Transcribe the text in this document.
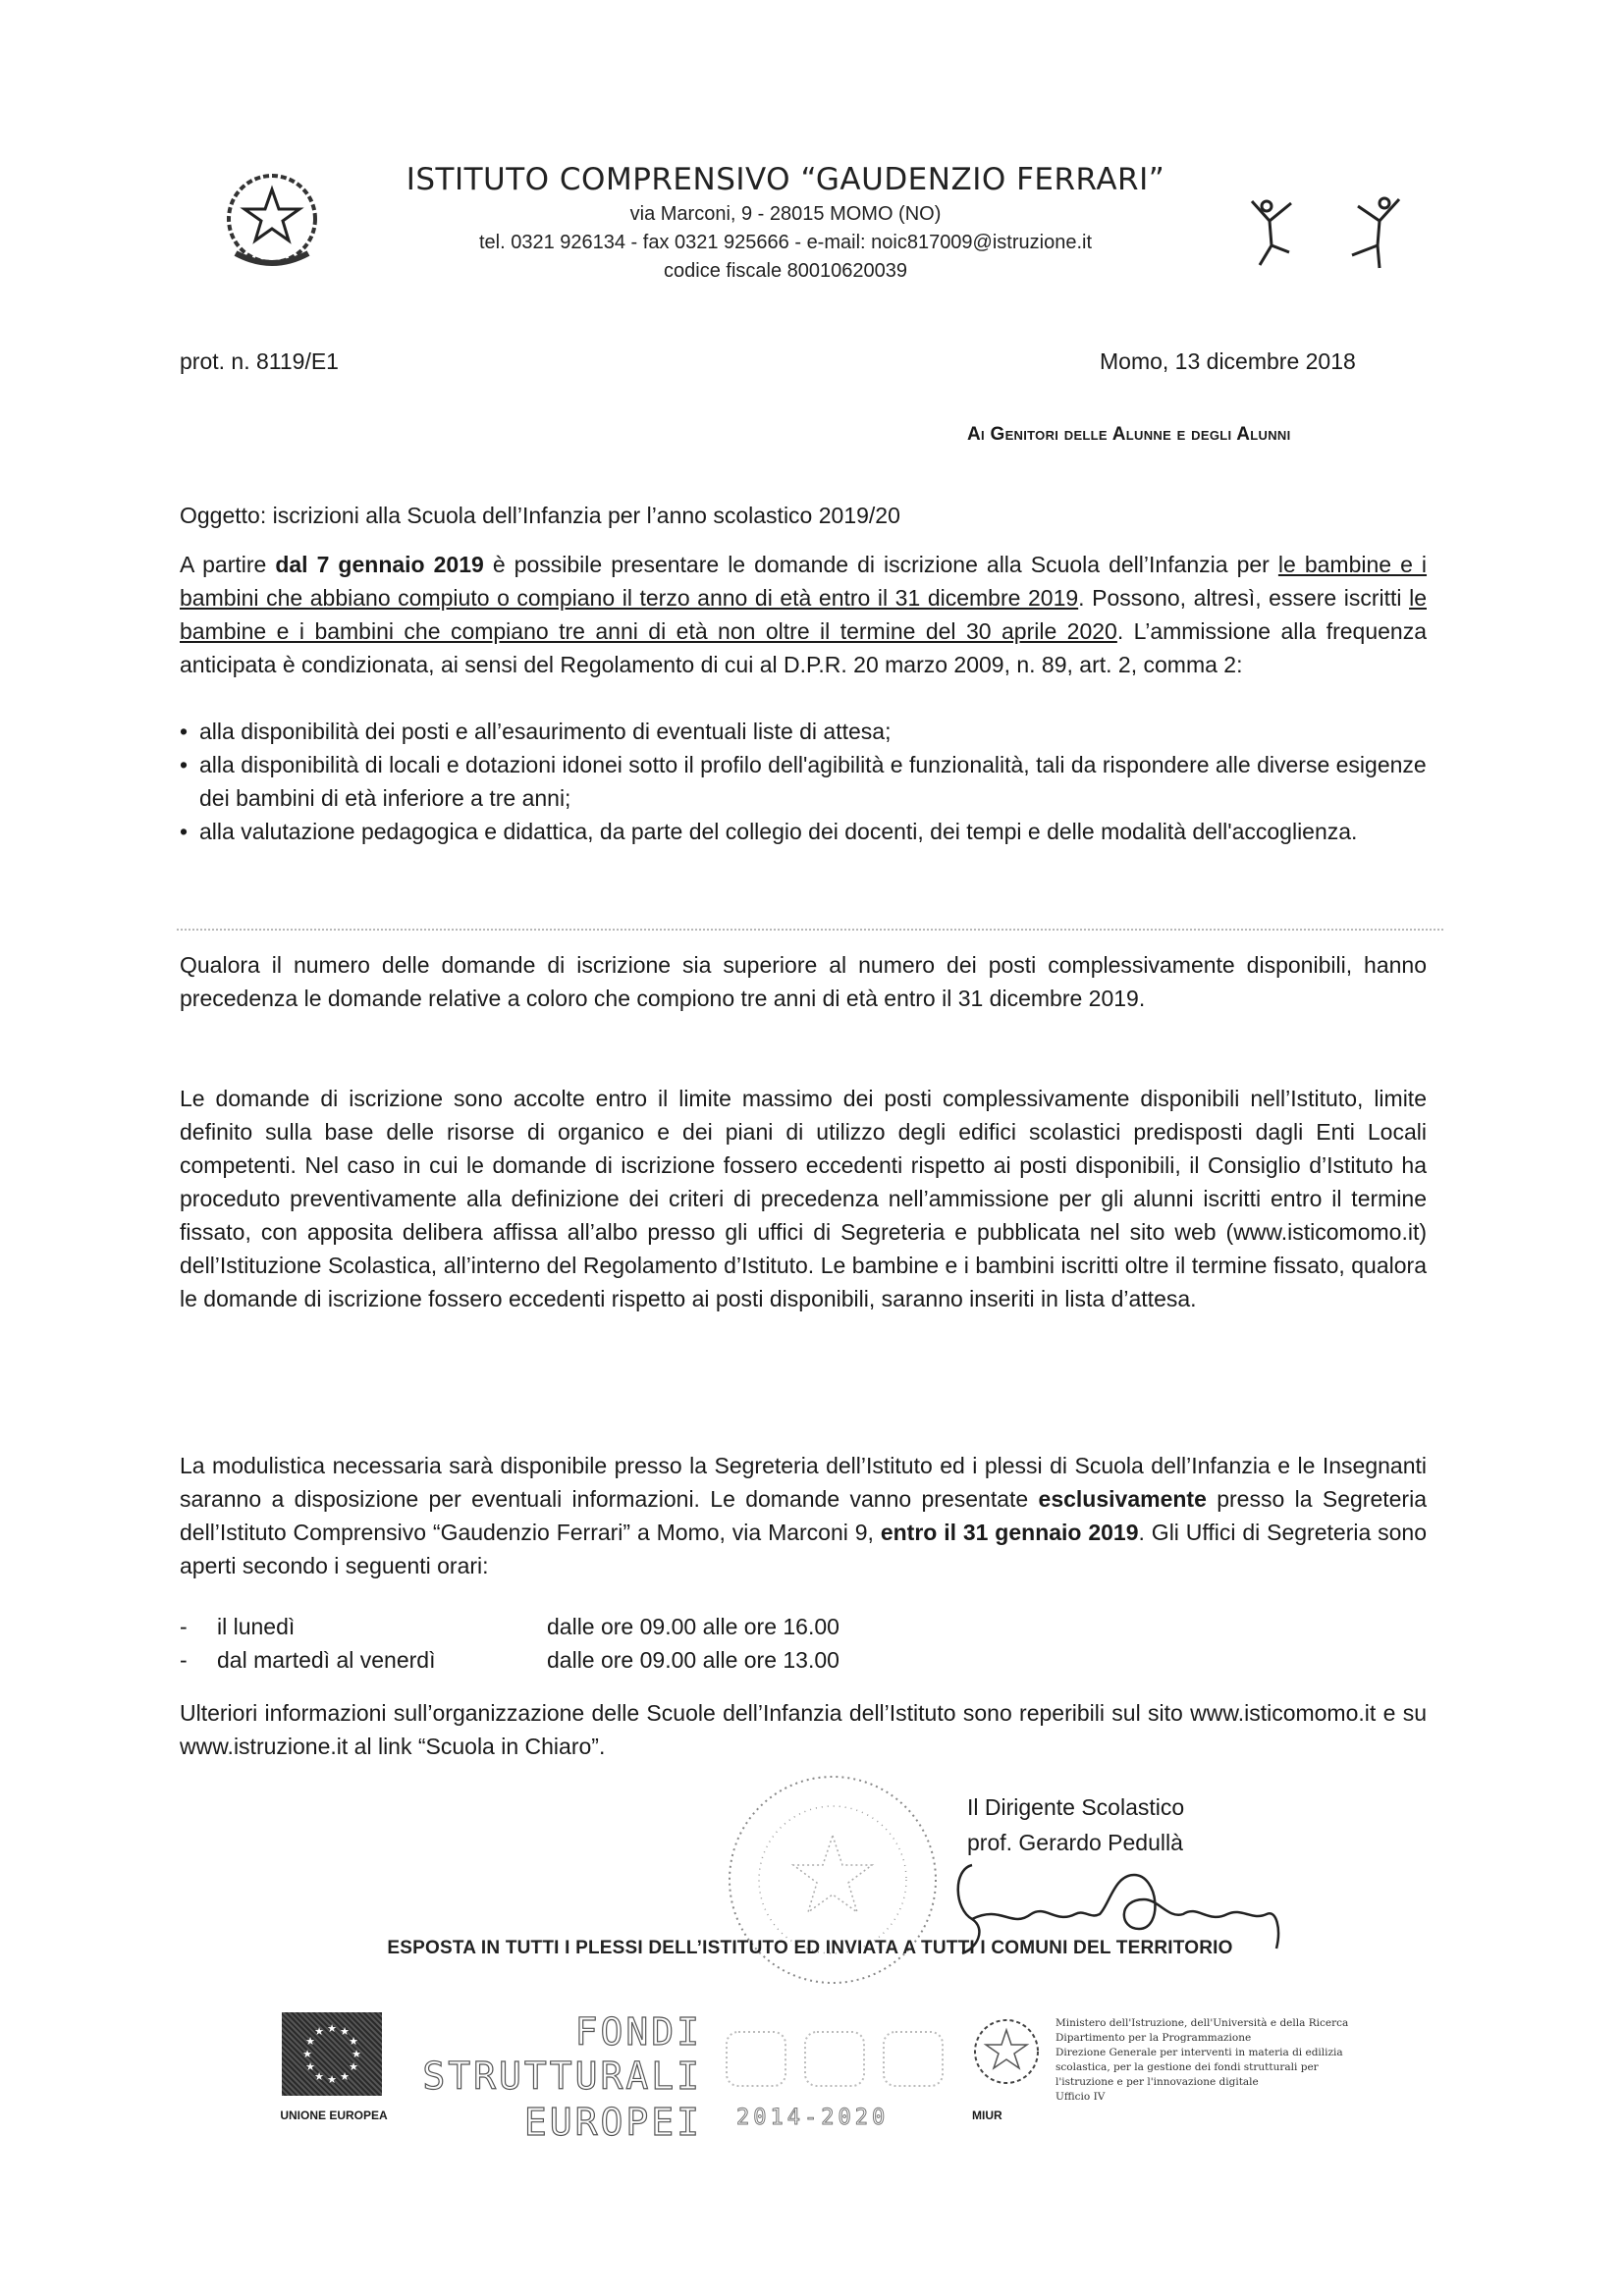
ISTITUTO COMPRENSIVO “GAUDENZIO FERRARI”
via Marconi, 9 - 28015 MOMO (NO)
tel. 0321 926134 - fax 0321 925666 - e-mail: noic817009@istruzione.it
codice fiscale 80010620039
prot. n. 8119/E1	Momo, 13 dicembre 2018
Ai Genitori delle Alunne e degli Alunni
Oggetto: iscrizioni alla Scuola dell’Infanzia per l’anno scolastico 2019/20
A partire dal 7 gennaio 2019 è possibile presentare le domande di iscrizione alla Scuola dell’Infanzia per le bambine e i bambini che abbiano compiuto o compiano il terzo anno di età entro il 31 dicembre 2019. Possono, altresì, essere iscritti le bambine e i bambini che compiano tre anni di età non oltre il termine del 30 aprile 2020. L’ammissione alla frequenza anticipata è condizionata, ai sensi del Regolamento di cui al D.P.R. 20 marzo 2009, n. 89, art. 2, comma 2:
• alla disponibilità dei posti e all’esaurimento di eventuali liste di attesa;
• alla disponibilità di locali e dotazioni idonei sotto il profilo dell'agibilità e funzionalità, tali da rispondere alle diverse esigenze dei bambini di età inferiore a tre anni;
• alla valutazione pedagogica e didattica, da parte del collegio dei docenti, dei tempi e delle modalità dell'accoglienza.
Qualora il numero delle domande di iscrizione sia superiore al numero dei posti complessivamente disponibili, hanno precedenza le domande relative a coloro che compiono tre anni di età entro il 31 dicembre 2019.
Le domande di iscrizione sono accolte entro il limite massimo dei posti complessivamente disponibili nell’Istituto, limite definito sulla base delle risorse di organico e dei piani di utilizzo degli edifici scolastici predisposti dagli Enti Locali competenti. Nel caso in cui le domande di iscrizione fossero eccedenti rispetto ai posti disponibili, il Consiglio d’Istituto ha proceduto preventivamente alla definizione dei criteri di precedenza nell’ammissione per gli alunni iscritti entro il termine fissato, con apposita delibera affissa all’albo presso gli uffici di Segreteria e pubblicata nel sito web (www.isticomomo.it) dell’Istituzione Scolastica, all’interno del Regolamento d’Istituto. Le bambine e i bambini iscritti oltre il termine fissato, qualora le domande di iscrizione fossero eccedenti rispetto ai posti disponibili, saranno inseriti in lista d’attesa.
La modulistica necessaria sarà disponibile presso la Segreteria dell’Istituto ed i plessi di Scuola dell’Infanzia e le Insegnanti saranno a disposizione per eventuali informazioni. Le domande vanno presentate esclusivamente presso la Segreteria dell’Istituto Comprensivo “Gaudenzio Ferrari” a Momo, via Marconi 9, entro il 31 gennaio 2019. Gli Uffici di Segreteria sono aperti secondo i seguenti orari:
-	il lunedì	dalle ore 09.00 alle ore 16.00
-	dal martedì al venerdì	dalle ore 09.00 alle ore 13.00
Ulteriori informazioni sull’organizzazione delle Scuole dell’Infanzia dell’Istituto sono reperibili sul sito www.isticomomo.it e su www.istruzione.it al link “Scuola in Chiaro”.
Il Dirigente Scolastico
prof. Gerardo Pedullà
ESPOSTA IN TUTTI I PLESSI DELL’ISTITUTO ED INVIATA A TUTTI I COMUNI DEL TERRITORIO
★ ★
★
★
★
★
★
★
★
★
★
★
UNIONE EUROPEA
FONDI
STRUTTURALI
EUROPEI 2014-2020	MIUR
Ministero dell'Istruzione, dell'Università e della Ricerca
Dipartimento per la Programmazione
Direzione Generale per interventi in materia di edilizia
scolastica, per la gestione dei fondi strutturali per
l'istruzione e per l'innovazione digitale
Ufficio IV
